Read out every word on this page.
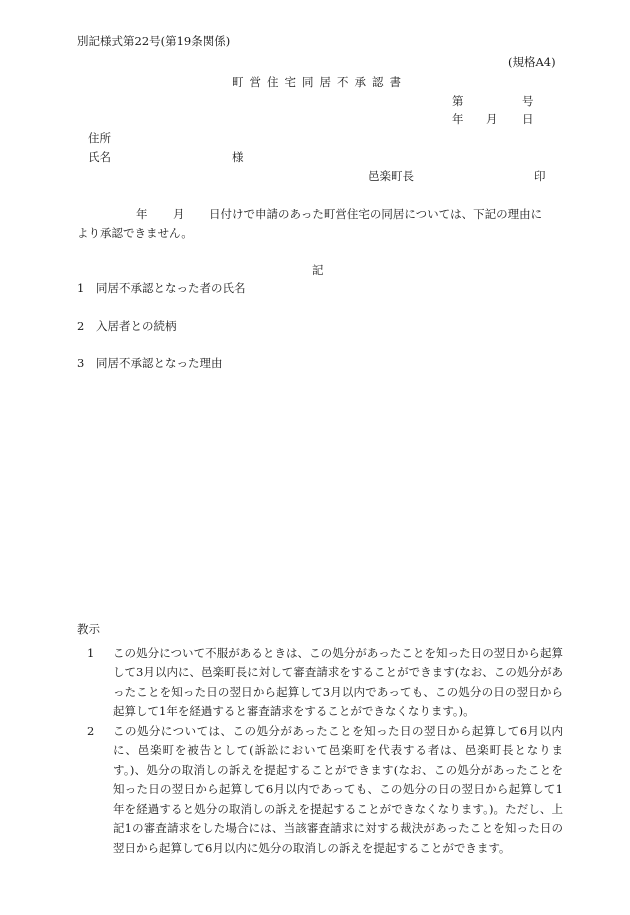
別記様式第22号(第19条関係)
(規格A4)
町営住宅同居不承認書
第	号
年 月 日
住所
氏名	様
邑楽町長	印
年 月 日付けで申請のあった町営住宅の同居については、下記の理由に
より承認できません。
記
1 同居不承認となった者の氏名
2 入居者との続柄
3 同居不承認となった理由
教示
1	この処分について不服があるときは、この処分があったことを知った日の翌日から起算して3月以内に、邑楽町長に対して審査請求をすることができます(なお、この処分があったことを知った日の翌日から起算して3月以内であっても、この処分の日の翌日から起算して1年を経過すると審査請求をすることができなくなります。)。
2	この処分については、この処分があったことを知った日の翌日から起算して6月以内に、邑楽町を被告として(訴訟において邑楽町を代表する者は、邑楽町長となります。)、処分の取消しの訴えを提起することができます(なお、この処分があったことを知った日の翌日から起算して6月以内であっても、この処分の日の翌日から起算して1年を経過すると処分の取消しの訴えを提起することができなくなります。)。ただし、上記1の審査請求をした場合には、当該審査請求に対する裁決があったことを知った日の翌日から起算して6月以内に処分の取消しの訴えを提起することができます。
